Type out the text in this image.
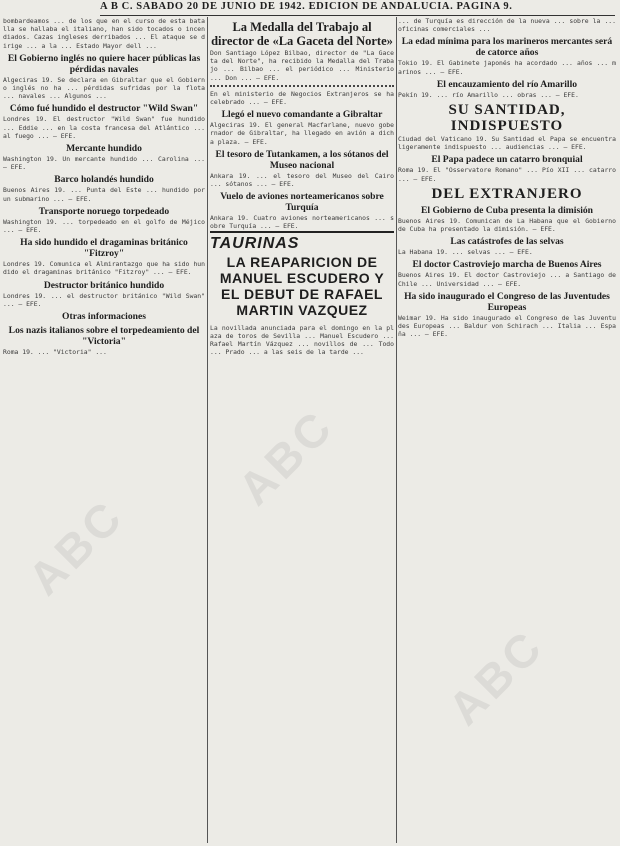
A B C. SABADO 20 DE JUNIO DE 1942. EDICION DE ANDALUCIA. PAGINA 9.

bombardeamos ... de los que en el curso de esta batalla se hallaba el italiano, han sido tocados o incendiados. Cazas ingleses derribados ... El ataque se dirige ... a la ... Estado Mayor dell ...

El Gobierno inglés no quiere hacer públicas las pérdidas navales

Algeciras 19. Se declara en Gibraltar que el Gobierno inglés no ha ... pérdidas sufridas por la flota ... navales ... Algunos ...

Cómo fué hundido el destructor "Wild Swan"

Londres 19. El destructor "Wild Swan" fue hundido ... Eddie ... en la costa francesa del Atlántico ... al fuego ... — EFE.

Mercante hundido

Washington 19. Un mercante hundido ... Carolina ... — EFE.

Barco holandés hundido

Buenos Aires 19. ... Punta del Este ... hundido por un submarino ... — EFE.

Transporte noruego torpedeado

Washington 19. ... torpedeado en el golfo de Méjico ... — EFE.

Ha sido hundido el dragaminas británico "Fitzroy"

Londres 19. Comunica el Almirantazgo que ha sido hundido el dragaminas británico "Fitzroy" ... — EFE.

Destructor británico hundido

Londres 19. ... el destructor británico "Wild Swan" ... — EFE.

Otras informaciones
Los nazis italianos sobre el torpedeamiento del "Victoria"

Roma 19. ... "Victoria" ...

La Medalla del Trabajo al director de «La Gaceta del Norte»

Don Santiago López Bilbao, director de "La Gaceta del Norte", ha recibido la Medalla del Trabajo ... Bilbao ... el periódico ... Ministerio ... Don ... — EFE.

En el ministerio de Negocios Extranjeros se ha celebrado ... — EFE.

Llegó el nuevo comandante a Gibraltar

Algeciras 19. El general Macfarlane, nuevo gobernador de Gibraltar, ha llegado en avión a dicha plaza. — EFE.

El tesoro de Tutankamen, a los sótanos del Museo nacional

Ankara 19. ... el tesoro del Museo del Cairo ... sótanos ... — EFE.

Vuelo de aviones norteamericanos sobre Turquía

Ankara 19. Cuatro aviones norteamericanos ... sobre Turquía ... — EFE.

TAURINAS
LA REAPARICION DE MANUEL ESCUDERO Y EL DEBUT DE RAFAEL MARTIN VAZQUEZ

La novillada anunciada para el domingo en la plaza de toros de Sevilla ... Manuel Escudero ... Rafael Martín Vázquez ... novillos de ... Todo ... Prado ... a las seis de la tarde ...

... de Turquía es dirección de la nueva ... sobre la ... oficinas comerciales ...

La edad mínima para los marineros mercantes será de catorce años

Tokio 19. El Gabinete japonés ha acordado ... años ... marinos ... — EFE.

El encauzamiento del río Amarillo

Pekín 19. ... río Amarillo ... obras ... — EFE.

SU SANTIDAD, INDISPUESTO

Ciudad del Vaticano 19. Su Santidad el Papa se encuentra ligeramente indispuesto ... audiencias ... — EFE.

El Papa padece un catarro bronquial

Roma 19. El "Osservatore Romano" ... Pío XII ... catarro ... — EFE.

DEL EXTRANJERO
El Gobierno de Cuba presenta la dimisión

Buenos Aires 19. Comunican de La Habana que el Gobierno de Cuba ha presentado la dimisión. — EFE.

Las catástrofes de las selvas

La Habana 19. ... selvas ... — EFE.

El doctor Castroviejo marcha de Buenos Aires

Buenos Aires 19. El doctor Castroviejo ... a Santiago de Chile ... Universidad ... — EFE.

Ha sido inaugurado el Congreso de las Juventudes Europeas

Weimar 19. Ha sido inaugurado el Congreso de las Juventudes Europeas ... Baldur von Schirach ... Italia ... España ... — EFE.

ABC
ABC
ABC
